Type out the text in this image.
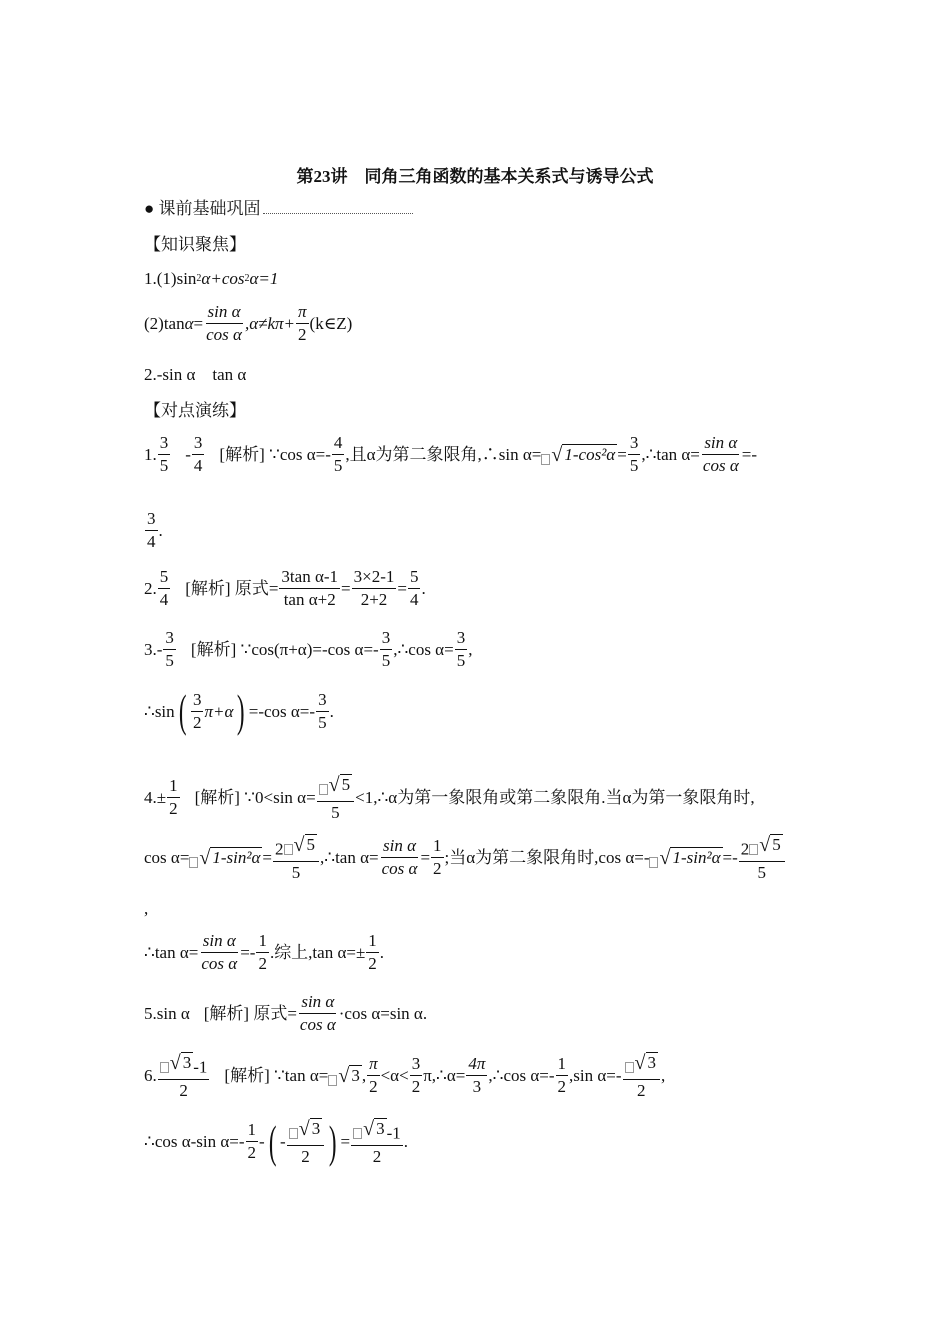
第23讲　同角三角函数的基本关系式与诱导公式
● 课前基础巩固
【知识聚焦】
1.(1) sin 2 α+cos 2 α=1
(2)tan $\alpha = \frac{\text{sin α}}{\text{cos α}} ,\alpha\ne k\pi+ \frac{\pi}{2}$ (k∈Z)
2.-sin α　tan α
【对点演练】
1. $\frac{3}{5} - \frac{3}{4}$ [解析]
∵cos $\alpha=- \frac{4}{5}$ ,且α为第二象限角,∴sin α= √ $1-\cos^2\alpha = \frac{3}{5}$ ,∴tan $\alpha= \frac{\text{sin α}}{\text{cos α}}$ =-
$\frac{3}{4}$ .
2. $\frac{5}{4}$ [解析]
原式= $\frac{\text{3tan α-1}}{\text{tan α+2}} = \frac{3\times 2-1}{2+2} = \frac{5}{4}$ .
$3.- \frac{3}{5}$ [解析]
∵cos(π+α)=-cos $\alpha=- \frac{3}{5}$ ,∴cos $\alpha= \frac{3}{5}$ ,
∴sin ( $\frac{3}{2} \pi+\alpha$ ) =-cos $\alpha=- \frac{3}{5}$ .
$4.\pm \frac{1}{2}$ [解析]
∵0<sin $\alpha= \frac{√ 5}{5}$ <1,∴α为第一象限角或第二象限角.当α为第一象限角时,
cos α= √ $1-\sin^2\alpha = \frac{2 √ 5}{5}$ ,∴tan $\alpha= \frac{\text{sin α}}{\text{cos α}} = \frac{1}{2}$ ;当α为第二象限角时,cos α=- √ $1-\sin^2\alpha =- \frac{2 √ 5}{5}$
,
∴tan $\alpha= \frac{\text{sin α}}{\text{cos α}} =- \frac{1}{2}$ .综上,tan $\alpha=\pm \frac{1}{2}$ .
5.sin α [解析]
原式= $\frac{\text{sin α}}{\text{cos α}} \cdot\cos$ α=sin α.
6. $\frac{√ 3 -1}{2}$ [解析]
∵tan α= √ 3 , $\frac{\pi}{2} <\alpha< \frac{3}{2}$ π,∴α= $\frac{4\pi}{3}$ ,∴cos $\alpha=- \frac{1}{2} ,\sin$ $\alpha=- \frac{√ 3}{2}$ ,
∴cos α-sin $\alpha=- \frac{1}{2}$ - ( - $\frac{√ 3}{2}$ ) = $\frac{√ 3 -1}{2}$ .
